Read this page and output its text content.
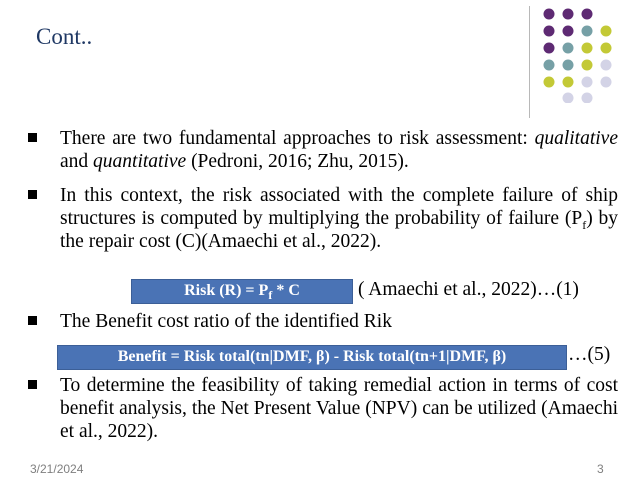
Cont..
There are two fundamental approaches to risk assessment: qualitative and quantitative (Pedroni, 2016; Zhu, 2015).
In this context, the risk associated with the complete failure of ship structures is computed by multiplying the probability of failure $(P_f)$ by the repair cost (C)(Amaechi et al., 2022).
The Benefit cost ratio of the identified Rik
To determine the feasibility of taking remedial action in terms of cost benefit analysis, the Net Present Value (NPV) can be utilized (Amaechi et al., 2022).
Risk $(R) = P_f * C$	( Amaechi et al., 2022)…(1)
Benefit = Risk total(tn|DMF, β) - Risk total(tn+1|DMF, β)	…(5)
3/21/2024	3
